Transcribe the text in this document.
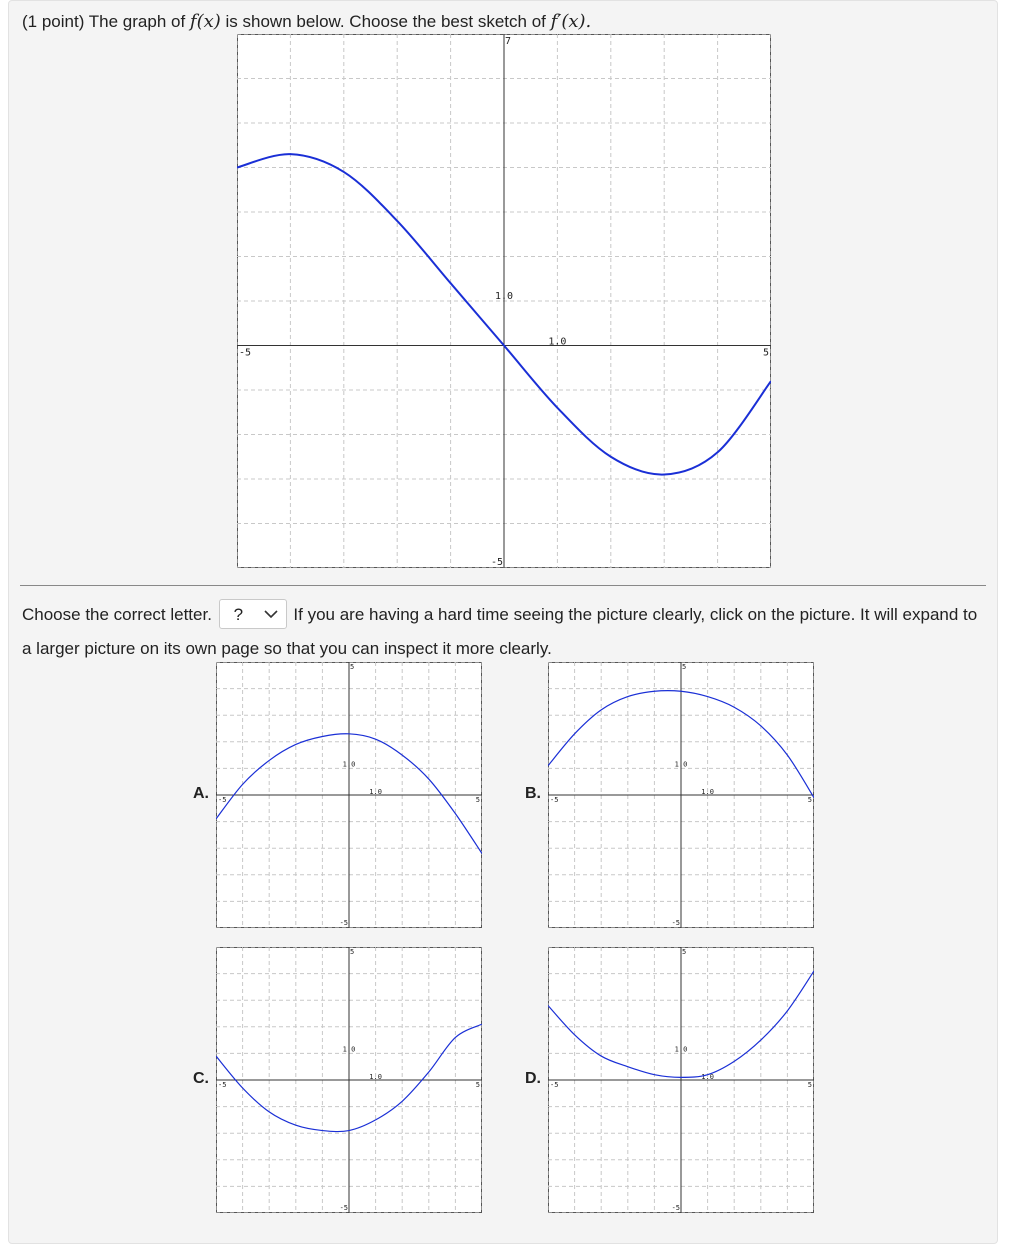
(1 point) The graph of f(x) is shown below. Choose the best sketch of f′(x).
7
-5
-5	5
1.0
1.0
Choose the correct letter. ?	If you are having a hard time seeing the picture clearly, click on the picture. It will expand to a larger picture on its own page so that you can inspect it more clearly.
A.
5
-5
-5	5
1.0
1.0	B.
5
-5
-5	5
1.0
1.0
C.
5
-5
-5	5
1.0
1.0	D.
5
-5
-5	5
1.0
1.0
